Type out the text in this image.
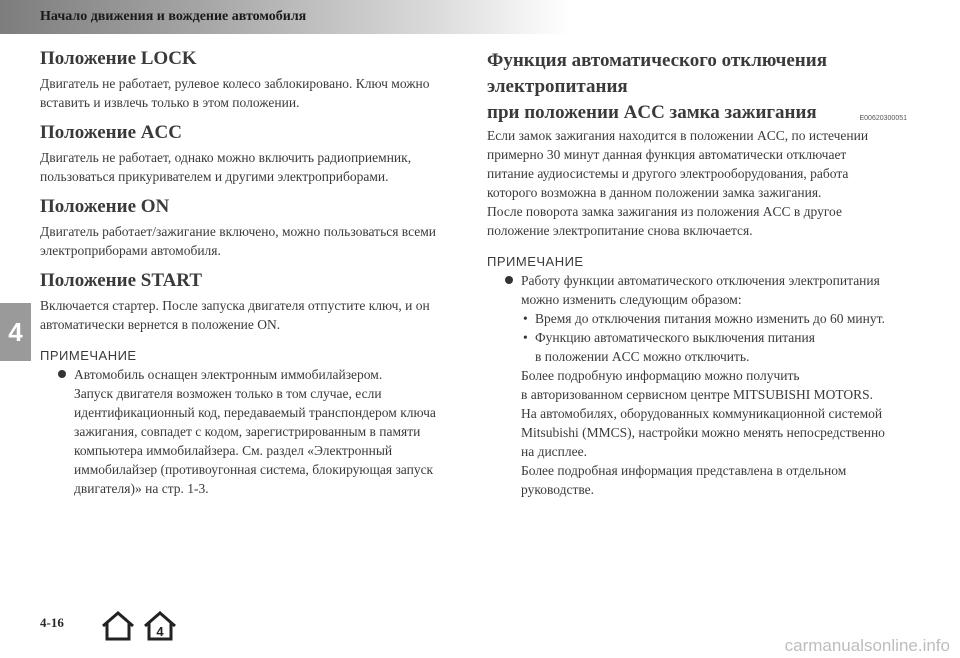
Начало движения и вождение автомобиля
4
Положение LOCK

Двигатель не работает, рулевое колесо заблокировано. Ключ можно

вставить и извлечь только в этом положении.

Положение ACC

Двигатель не работает, однако можно включить радиоприемник,

пользоваться прикуривателем и другими электроприборами.

Положение ON

Двигатель работает/зажигание включено, можно пользоваться всеми

электроприборами автомобиля.

Положение START

Включается стартер. После запуска двигателя отпустите ключ, и он

автоматически вернется в положение ON.

ПРИМЕЧАНИЕ

Автомобиль оснащен электронным иммобилайзером.

Запуск двигателя возможен только в том случае, если

идентификационный код, передаваемый транспондером ключа

зажигания, совпадет с кодом, зарегистрированным в памяти

компьютера иммобилайзера. См. раздел «Электронный

иммобилайзер (противоугонная система, блокирующая запуск

двигателя)» на стр. 1-3.

Функция автоматического отключения электропитания

при положении ACC замка зажигания	E00620300051

Если замок зажигания находится в положении ACC, по истечении

примерно 30 минут данная функция автоматически отключает

питание аудиосистемы и другого электрооборудования, работа

которого возможна в данном положении замка зажигания.

После поворота замка зажигания из положения ACC в другое

положение электропитание снова включается.

ПРИМЕЧАНИЕ

Работу функции автоматического отключения электропитания

можно изменить следующим образом:

• Время до отключения питания можно изменить до 60 минут.

• Функцию автоматического выключения питания

в положении ACC можно отключить.

Более подробную информацию можно получить

в авторизованном сервисном центре MITSUBISHI MOTORS.

На автомобилях, оборудованных коммуникационной системой

Mitsubishi (MMCS), настройки можно менять непосредственно

на дисплее.

Более подробная информация представлена в отдельном

руководстве.

4-16
4
carmanualsonline.info
